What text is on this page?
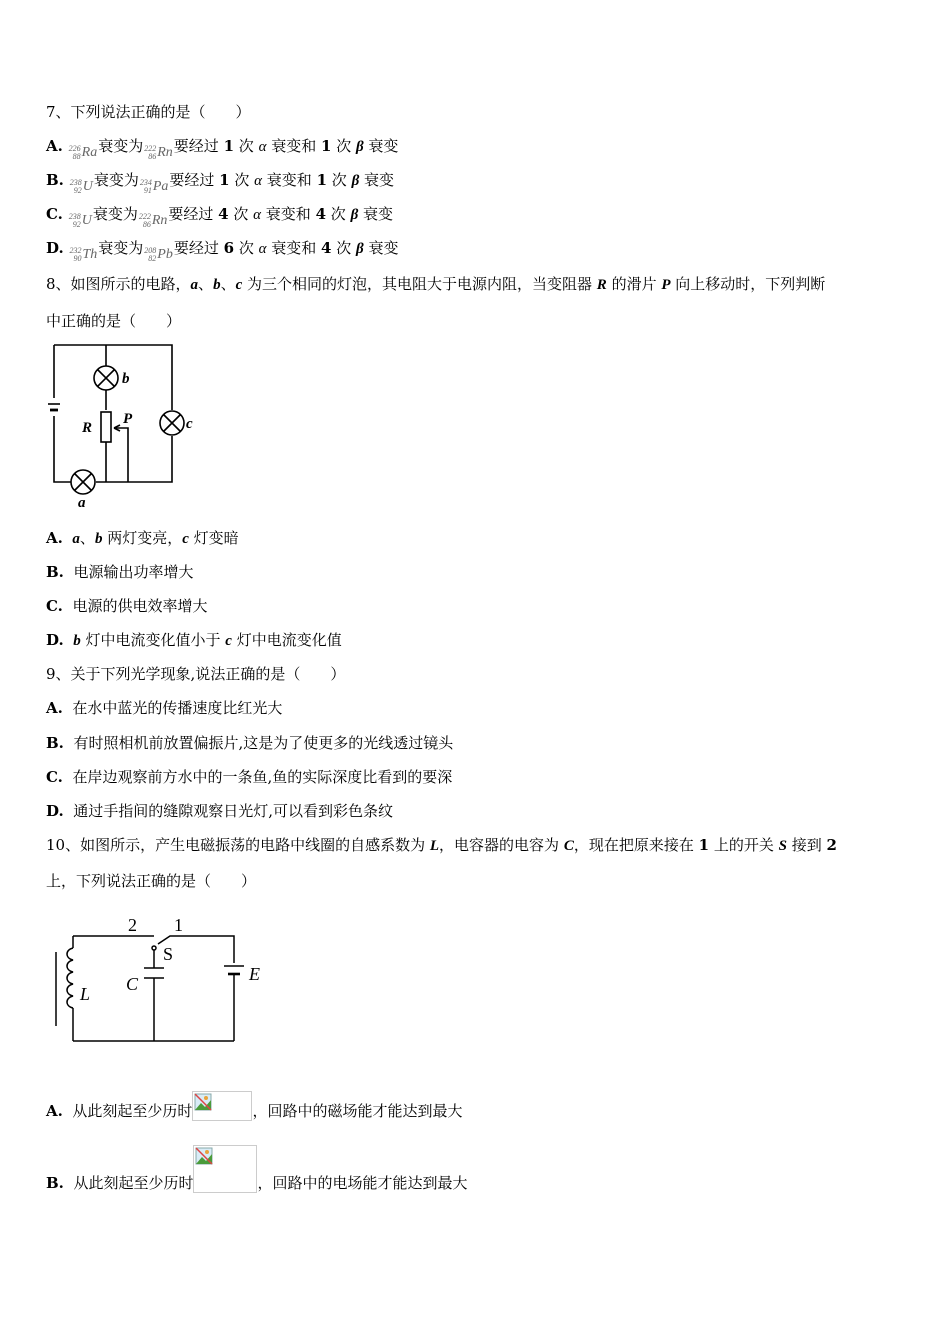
7、下列说法正确的是（　　）
A. 226
88 Ra 衰变为 222
86 Rn 要经过 1 次 α 衰变和 1 次 β 衰变
B. 238
92 U 衰变为 234
91 Pa 要经过 1 次 α 衰变和 1 次 β 衰变
C. 238
92 U 衰变为 222
86 Rn 要经过 4 次 α 衰变和 4 次 β 衰变
D. 232
90 Th 衰变为 208
82 Pb 要经过 6 次 α 衰变和 4 次 β 衰变
8、如图所示的电路，a、b、c 为三个相同的灯泡，其电阻大于电源内阻，当变阻器 R 的滑片 P 向上移动时，下列判断
中正确的是（　　）
b
R
P	c
a
A. a、b 两灯变亮，c 灯变暗
B. 电源输出功率增大
C. 电源的供电效率增大
D. b 灯中电流变化值小于 c 灯中电流变化值
9、关于下列光学现象,说法正确的是（　　）
A. 在水中蓝光的传播速度比红光大
B. 有时照相机前放置偏振片,这是为了使更多的光线透过镜头
C. 在岸边观察前方水中的一条鱼,鱼的实际深度比看到的要深
D. 通过手指间的缝隙观察日光灯,可以看到彩色条纹
10、如图所示，产生电磁振荡的电路中线圈的自感系数为 L，电容器的电容为 C，现在把原来接在 1 上的开关 S 接到 2
上，下列说法正确的是（　　）
2 1
S
C	E
L
A. 从此刻起至少历时	，回路中的磁场能才能达到最大
B. 从此刻起至少历时	，回路中的电场能才能达到最大
